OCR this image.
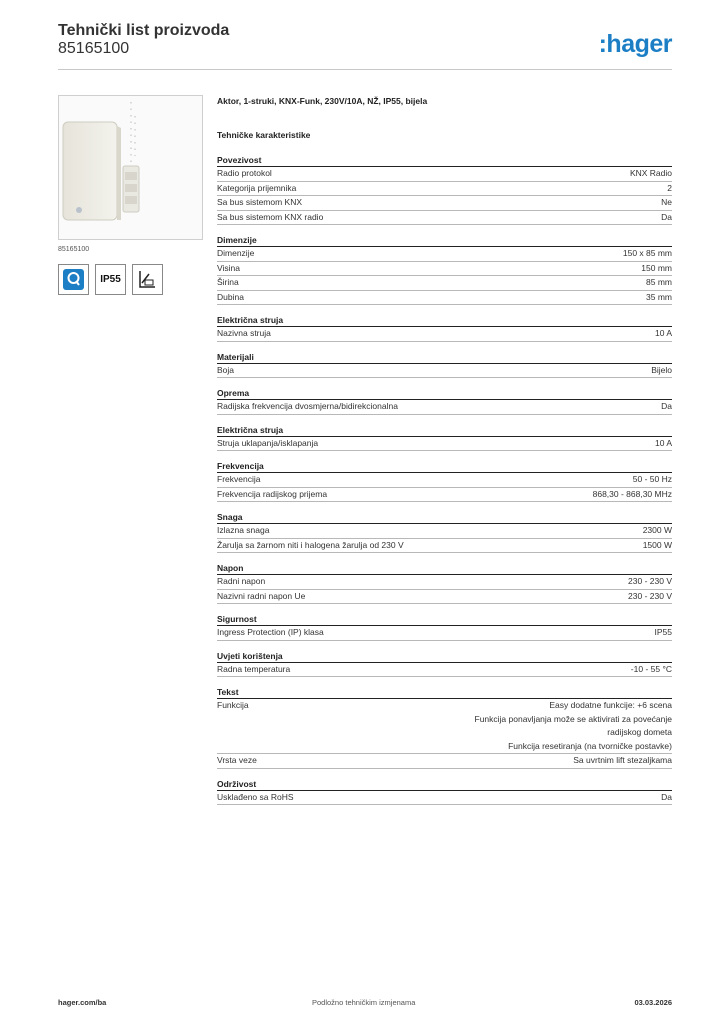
Tehnički list proizvoda
85165100	:hager
85165100
IP55
Aktor, 1-struki, KNX-Funk, 230V/10A, NŽ, IP55, bijela
Tehničke karakteristike
Povezivost
Radio protokol	KNX Radio
Kategorija prijemnika	2
Sa bus sistemom KNX	Ne
Sa bus sistemom KNX radio	Da
Dimenzije
Dimenzije	150 x 85 mm
Visina	150 mm
Širina	85 mm
Dubina	35 mm
Električna struja
Nazivna struja	10 A
Materijali
Boja	Bijelo
Oprema
Radijska frekvencija dvosmjerna/bidirekcionalna	Da
Električna struja
Struja uklapanja/isklapanja	10 A
Frekvencija
Frekvencija	50 - 50 Hz
Frekvencija radijskog prijema	868,30 - 868,30 MHz
Snaga
Izlazna snaga	2300 W
Žarulja sa žarnom niti i halogena žarulja od 230 V	1500 W
Napon
Radni napon	230 - 230 V
Nazivni radni napon Ue	230 - 230 V
Sigurnost
Ingress Protection (IP) klasa	IP55
Uvjeti korištenja
Radna temperatura	-10 - 55 °C
Tekst
Funkcija	Easy dodatne funkcije: +6 scena
Funkcija ponavljanja može se aktivirati za povećanje
radijskog dometa
Funkcija resetiranja (na tvorničke postavke)
Vrsta veze	Sa uvrtnim lift stezaljkama
Održivost
Usklađeno sa RoHS	Da
hager.com/ba	Podložno tehničkim izmjenama	03.03.2026
